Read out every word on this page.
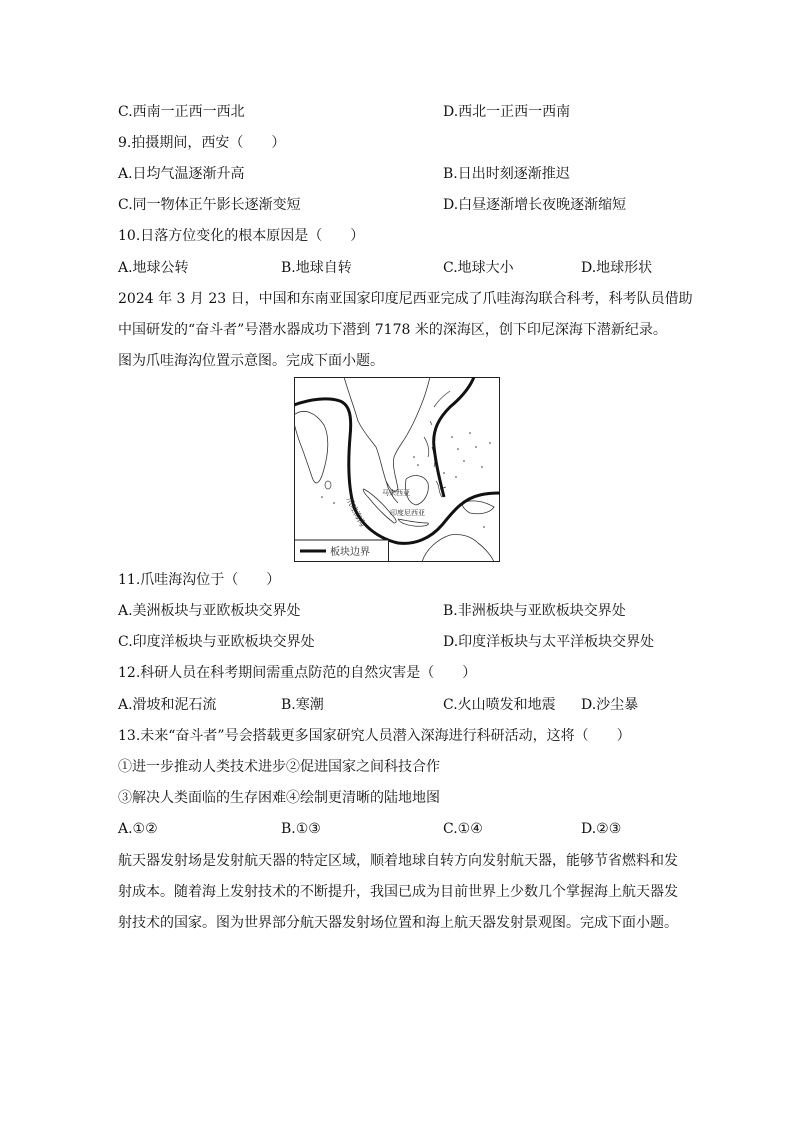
C.西南一正西一西北	D.西北一正西一西南
9.拍摄期间，西安（　　）
A.日均气温逐渐升高	B.日出时刻逐渐推迟
C.同一物体正午影长逐渐变短	D.白昼逐渐增长夜晚逐渐缩短
10.日落方位变化的根本原因是（　　）
A.地球公转	B.地球自转	C.地球大小	D.地球形状
2024 年 3 月 23 日，中国和东南亚国家印度尼西亚完成了爪哇海沟联合科考，科考队员借助
中国研发的“奋斗者”号潜水器成功下潜到 7178 米的深海区，创下印尼深海下潜新纪录。
图为爪哇海沟位置示意图。完成下面小题。
马来西亚
印度尼西亚
爪哇海沟
板块边界
11.爪哇海沟位于（　　）
A.美洲板块与亚欧板块交界处	B.非洲板块与亚欧板块交界处
C.印度洋板块与亚欧板块交界处	D.印度洋板块与太平洋板块交界处
12.科研人员在科考期间需重点防范的自然灾害是（　　）
A.滑坡和泥石流	B.寒潮	C.火山喷发和地震 D.沙尘暴
13.未来“奋斗者”号会搭载更多国家研究人员潜入深海进行科研活动，这将（　　）
①进一步推动人类技术进步②促进国家之间科技合作
③解决人类面临的生存困难④绘制更清晰的陆地地图
A.①②	B.①③	C.①④	D.②③
航天器发射场是发射航天器的特定区域，顺着地球自转方向发射航天器，能够节省燃料和发
射成本。随着海上发射技术的不断提升，我国已成为目前世界上少数几个掌握海上航天器发
射技术的国家。图为世界部分航天器发射场位置和海上航天器发射景观图。完成下面小题。
